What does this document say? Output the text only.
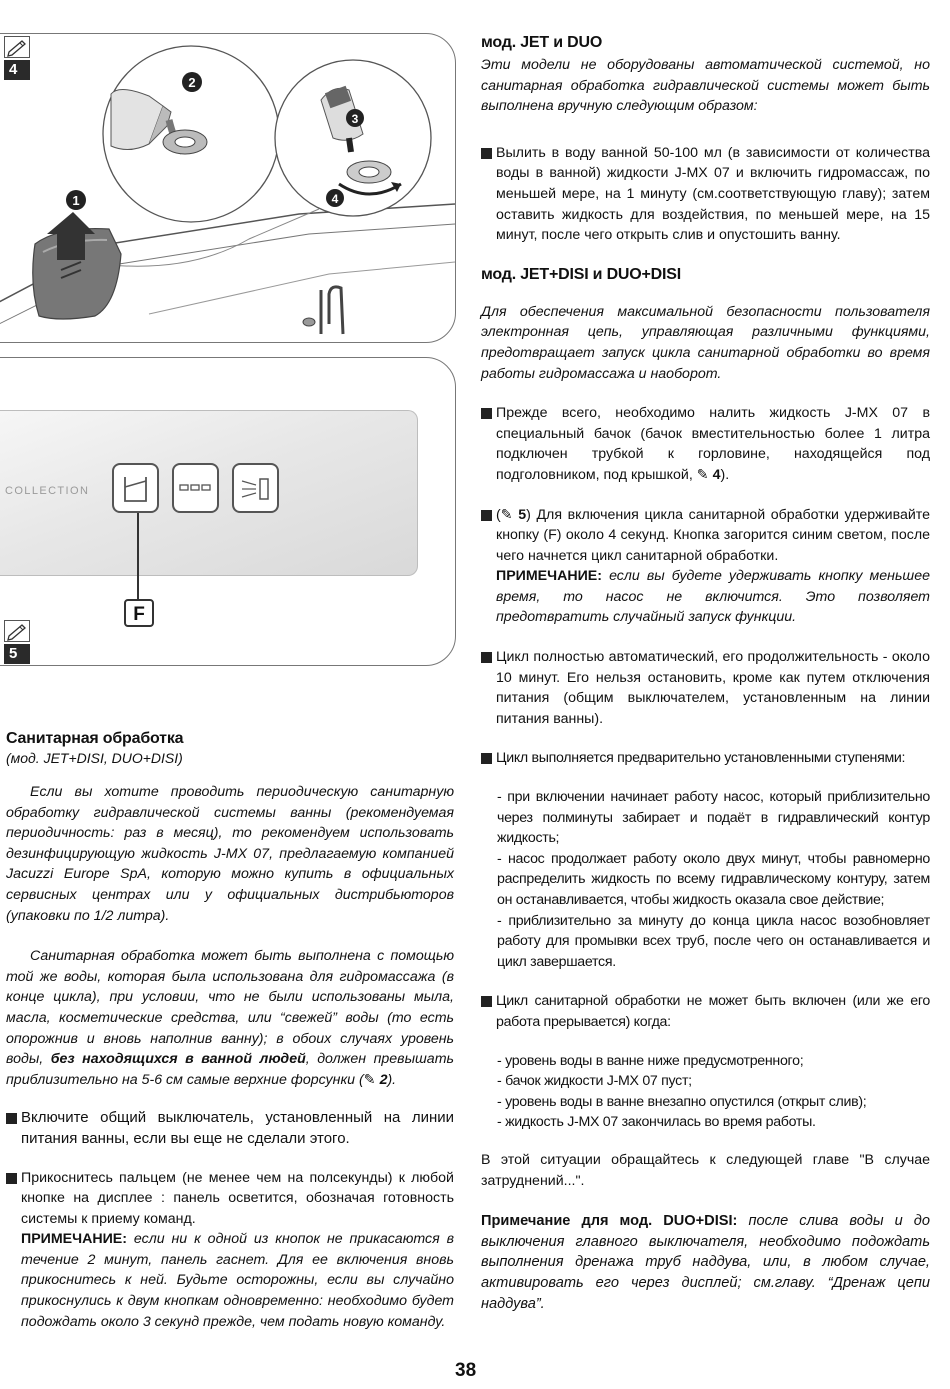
1
2
3
4
4
COLLECTION
F
5
Санитарная обработка
(мод. JET+DISI, DUO+DISI)
Если вы хотите проводить периодическую санитарную обработку гидравлической системы ванны (рекомендуемая периодичность: раз в месяц), то рекомендуем использовать дезинфицирующую жидкость J-MX 07, предлагаемую компанией Jacuzzi Europe SpA, которую можно купить в официальных сервисных центрах или у официальных дистрибьюторов (упаковки по 1/2 литра).
Санитарная обработка может быть выполнена с помощью той же воды, которая была использована для гидромассажа (в конце цикла), при условии, что не были использованы мыла, масла, косметические средства, или “свежей” воды (то есть опорожнив и вновь наполнив ванну); в обоих случаях уровень воды, без находящихся в ванной людей, должен превышать приблизительно на 5-6 см самые верхние форсунки (✎ 2).
Включите общий выключатель, установленный на линии питания ванны, если вы еще не сделали этого.
Прикоснитесь пальцем (не менее чем на полсекунды) к любой кнопке на дисплее : панель осветится, обозначая готовность системы к приему команд.
ПРИМЕЧАНИЕ: если ни к одной из кнопок не прикасаются в течение 2 минут, панель гаснет. Для ее включения вновь прикоснитесь к ней. Будьте осторожны, если вы случайно прикоснулись к двум кнопкам одновременно: необходимо будет подождать около 3 секунд прежде, чем подать новую команду.
мод. JET и DUO
Эти модели не оборудованы автоматической системой, но санитарная обработка гидравлической системы может быть выполнена вручную следующим образом:
Вылить в воду ванной 50-100 мл (в зависимости от количества воды в ванной) жидкости J-MX 07 и включить гидромассаж, по меньшей мере, на 1 минуту (см.соответствующую главу); затем оставить жидкость для воздействия, по меньшей мере, на 15 минут, после чего открыть слив и опустошить ванну.
мод. JET+DISI и DUO+DISI
Для обеспечения максимальной безопасности пользователя электронная цепь, управляющая различными функциями, предотвращает запуск цикла санитарной обработки во время работы гидромассажа и наоборот.
Прежде всего, необходимо налить жидкость J-MX 07 в специальный бачок (бачок вместительностью более 1 литра подключен трубкой к горловине, находящейся под подголовником, под крышкой, ✎ 4).
(✎ 5) Для включения цикла санитарной обработки удерживайте кнопку (F) около 4 секунд. Кнопка загорится синим светом, после чего начнется цикл санитарной обработки.
ПРИМЕЧАНИЕ: если вы будете удерживать кнопку меньшее время, то насос не включится. Это позволяет предотвратить случайный запуск функции.
Цикл полностью автоматический, его продолжительность - около 10 минут. Его нельзя остановить, кроме как путем отключения питания (общим выключателем, установленным на линии питания ванны).
Цикл выполняется предварительно установленными ступенями:
- при включении начинает работу насос, который приблизительно через полминуты забирает и подаёт в гидравлический контур жидкость;
- насос продолжает работу около двух минут, чтобы равномерно распределить жидкость по всему гидравлическому контуру, затем он останавливается, чтобы жидкость оказала свое действие;
- приблизительно за минуту до конца цикла насос возобновляет работу для промывки всех труб, после чего он останавливается и цикл завершается.
Цикл санитарной обработки не может быть включен (или же его работа прерывается) когда:
- уровень воды в ванне ниже предусмотренного;
- бачок жидкости J-MX 07 пуст;
- уровень воды в ванне внезапно опустился (открыт слив);
- жидкость J-MX 07 закончилась во время работы.
В этой ситуации обращайтесь к следующей главе "В случае затруднений...".
Примечание для мод. DUO+DISI: после слива воды и до выключения главного выключателя, необходимо подождать выполнения дренажа труб наддува, или, в любом случае, активировать его через дисплей; см.главу. “Дренаж цепи наддува”.
38
